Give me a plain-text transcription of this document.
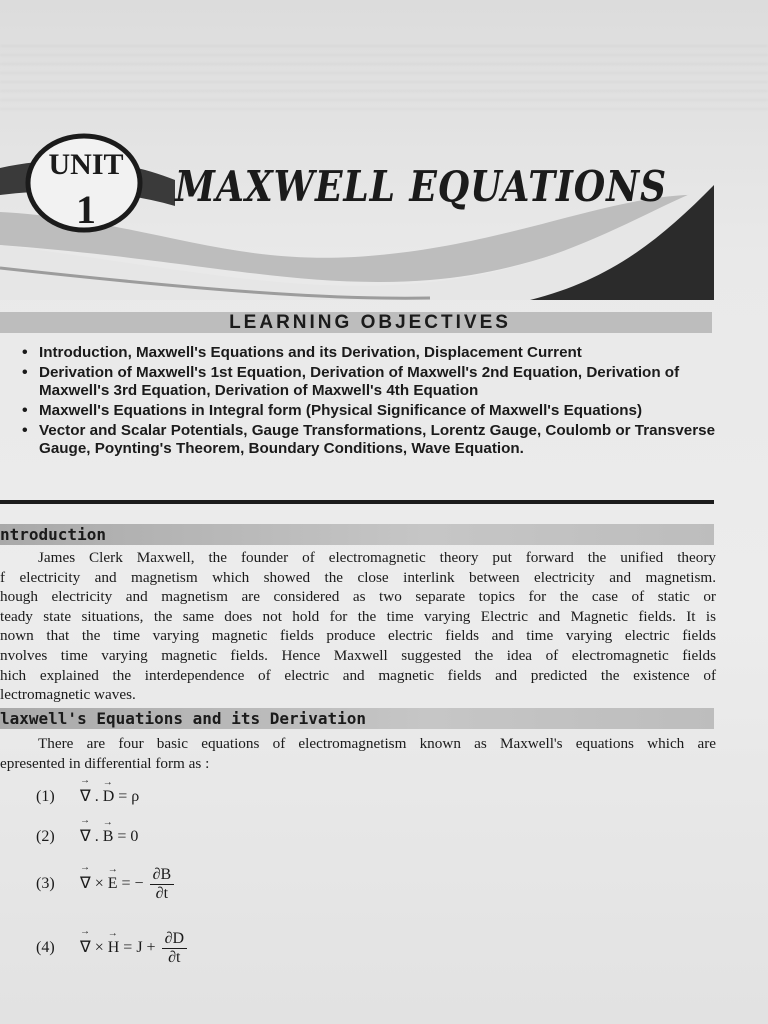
UNIT
1	MAXWELL EQUATIONS
LEARNING OBJECTIVES
• Introduction, Maxwell's Equations and its Derivation, Displacement Current
• Derivation of Maxwell's 1st Equation, Derivation of Maxwell's 2nd Equation, Derivation of Maxwell's 3rd Equation, Derivation of Maxwell's 4th Equation
• Maxwell's Equations in Integral form (Physical Significance of Maxwell's Equations)
• Vector and Scalar Potentials, Gauge Transformations, Lorentz Gauge, Coulomb or Transverse Gauge, Poynting's Theorem, Boundary Conditions, Wave Equation.
ntroduction
James Clerk Maxwell, the founder of electromagnetic theory put forward the unified theory
f electricity and magnetism which showed the close interlink between electricity and magnetism.
hough electricity and magnetism are considered as two separate topics for the case of static or
teady state situations, the same does not hold for the time varying Electric and Magnetic fields. It is
nown that the time varying magnetic fields produce electric fields and time varying electric fields
nvolves time varying magnetic fields. Hence Maxwell suggested the idea of electromagnetic fields
hich explained the interdependence of electric and magnetic fields and predicted the existence of
lectromagnetic waves.
laxwell's Equations and its Derivation
There are four basic equations of electromagnetism known as Maxwell's equations which are
epresented in differential form as :
(1) → ∇ . → D = ρ
(2) → ∇ . → B = 0
(3) → ∇ × → E = − $\frac{\partial B}{\partial t}$
(4) → ∇ × → $H = J + \frac{\partial D}{\partial t}$
